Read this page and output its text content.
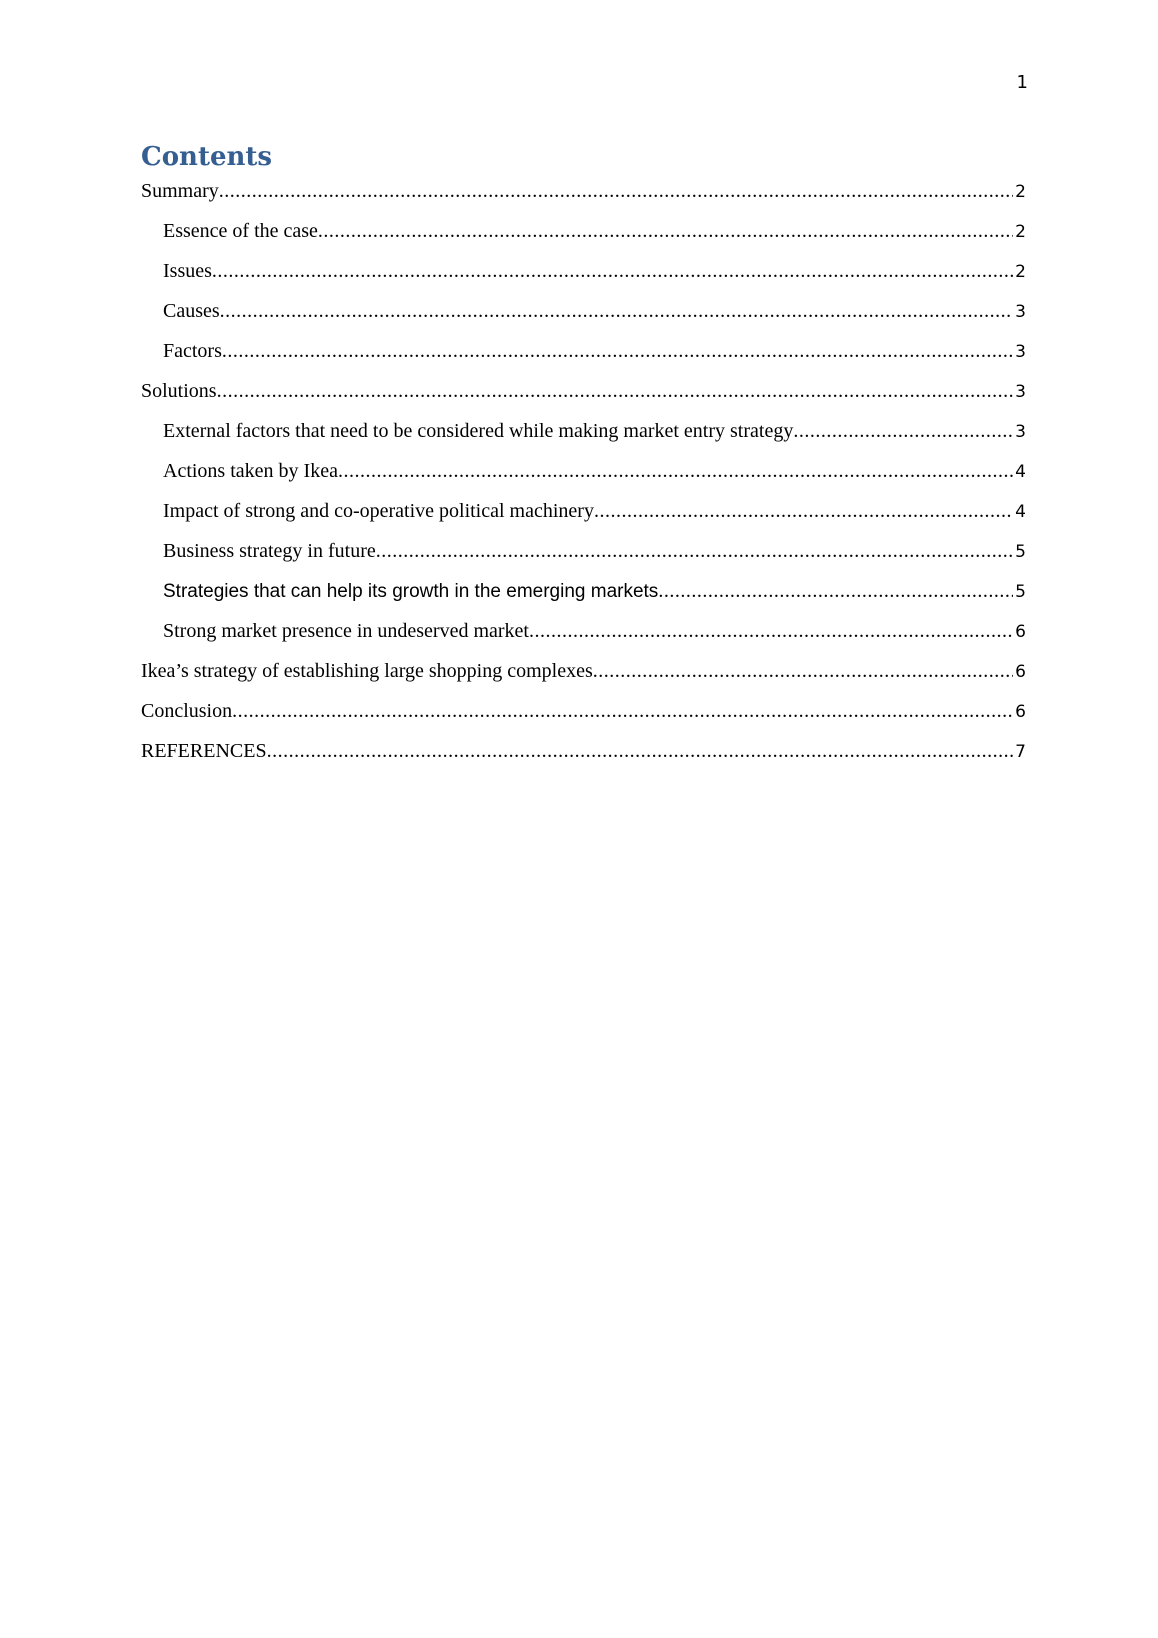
1
Contents
Summary .....	2
Essence of the case .....	2
Issues .....	2
Causes .....	3
Factors .....	3
Solutions .....	3
External factors that need to be considered while making market entry strategy .....	3
Actions taken by Ikea .....	4
Impact of strong and co-operative political machinery .....	4
Business strategy in future .....	5
Strategies that can help its growth in the emerging markets .....	5
Strong market presence in undeserved market .....	6
Ikea’s strategy of establishing large shopping complexes .....	6
Conclusion .....	6
REFERENCES .....	7
